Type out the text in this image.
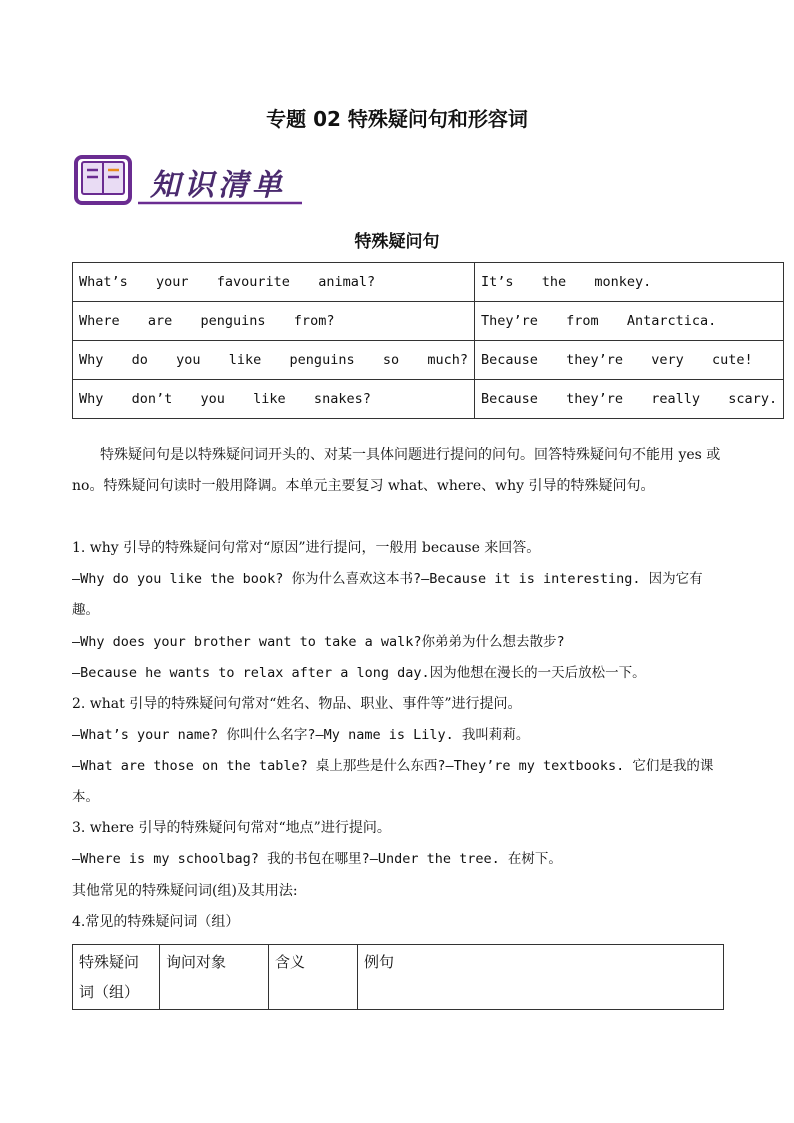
专题 02 特殊疑问句和形容词
知识清单
特殊疑问句
What’s  your  favourite  animal?	It’s  the  monkey.
Where  are  penguins  from?	They’re  from  Antarctica.
Why  do  you  like  penguins  so  much?	Because  they’re  very  cute!
Why  don’t  you  like  snakes?	Because  they’re  really  scary.

特殊疑问句是以特殊疑问词开头的、对某一具体问题进行提问的问句。回答特殊疑问句不能用 yes 或 no。特殊疑问句读时一般用降调。本单元主要复习 what、where、why 引导的特殊疑问句。

1. why 引导的特殊疑问句常对“原因”进行提问，一般用 because 来回答。

—Why do you like the book? 你为什么喜欢这本书?—Because it is interesting. 因为它有趣。

—Why does your brother want to take a walk?你弟弟为什么想去散步?

—Because he wants to relax after a long day.因为他想在漫长的一天后放松一下。

2. what 引导的特殊疑问句常对“姓名、物品、职业、事件等”进行提问。

—What’s your name? 你叫什么名字?—My name is Lily. 我叫莉莉。

—What are those on the table? 桌上那些是什么东西?—They’re my textbooks. 它们是我的课本。

3. where 引导的特殊疑问句常对“地点”进行提问。

—Where is my schoolbag? 我的书包在哪里?—Under the tree. 在树下。

其他常见的特殊疑问词(组)及其用法:

4.常见的特殊疑问词（组）

特殊疑问词（组）	询问对象	含义	例句
